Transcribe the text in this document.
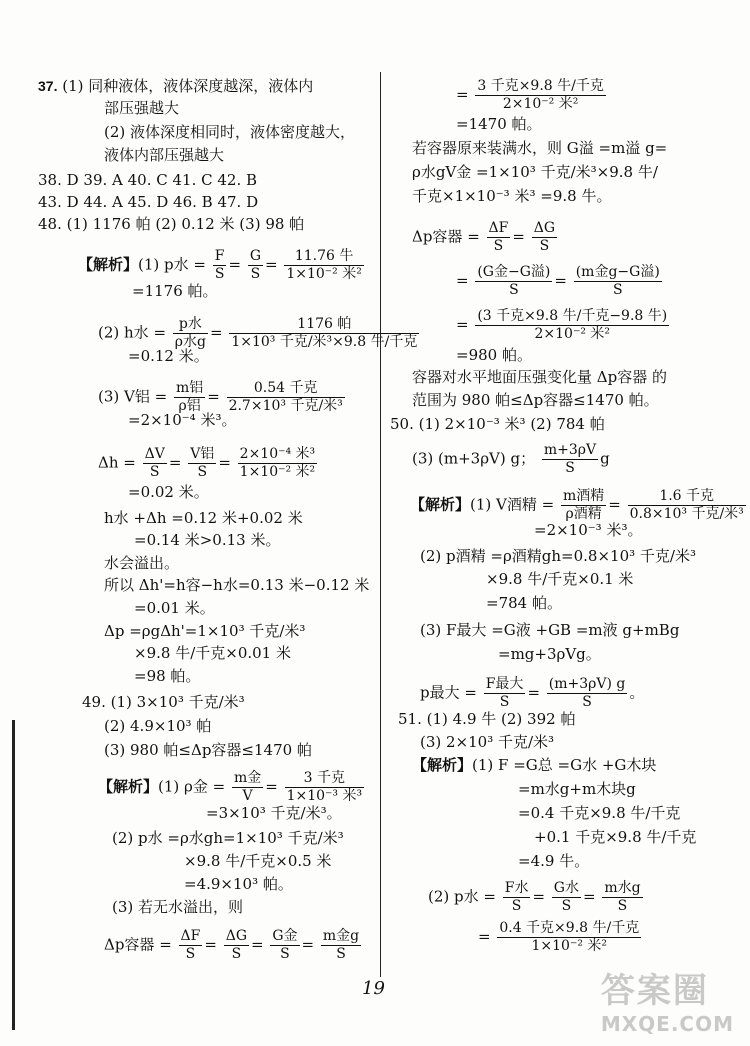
37. (1) 同种液体，液体深度越深，液体内
部压强越大
(2) 液体深度相同时，液体密度越大，
液体内部压强越大
38. D 39. A 40. C 41. C 42. B
43. D 44. A 45. D 46. B 47. D
48. (1) 1176 帕 (2) 0.12 米 (3) 98 帕
【解析】(1) p水 = $\frac{F}{S} = \frac{G}{S} = \frac{\text{11.76 牛}}{\text{1×10⁻² 米²}}$
=1176 帕。
(2) h水 = $\frac{\text{p水}}{\text{ρ水g}} = \frac{\text{1176 帕}}{\text{1×10³ 千克/米³×9.8 牛/千克}}$
=0.12 米。
(3) V铝 = $\frac{\text{m铝}}{\text{ρ铝}} = \frac{\text{0.54 千克}}{\text{2.7×10³ 千克/米³}}$
=2×10⁻⁴ 米³。
$\Delta h = \frac{\Delta V}{S} = \frac{\text{V铝}}{S} = \frac{\text{2×10⁻⁴ 米³}}{\text{1×10⁻² 米²}}$
=0.02 米。
h水 +Δh =0.12 米+0.02 米
=0.14 米>0.13 米。
水会溢出。
所以 Δh'=h容−h水=0.13 米−0.12 米
=0.01 米。
Δp =ρgΔh'=1×10³ 千克/米³
×9.8 牛/千克×0.01 米
=98 帕。
49. (1) 3×10³ 千克/米³
(2) 4.9×10³ 帕
(3) 980 帕≤Δp容器≤1470 帕
【解析】(1) ρ金 = $\frac{\text{m金}}{V} = \frac{\text{3 千克}}{\text{1×10⁻³ 米³}}$
=3×10³ 千克/米³。
(2) p水 =ρ水gh=1×10³ 千克/米³
×9.8 牛/千克×0.5 米
=4.9×10³ 帕。
(3) 若无水溢出，则
Δp容器 = $\frac{\Delta F}{S} = \frac{\Delta G}{S} = \frac{\text{G金}}{S} = \frac{\text{m金g}}{S}$
= $\frac{\text{3 千克×9.8 牛/千克}}{\text{2×10⁻² 米²}}$
=1470 帕。
若容器原来装满水，则 G溢 =m溢 g=
ρ水gV金 =1×10³ 千克/米³×9.8 牛/
千克×1×10⁻³ 米³ =9.8 牛。
Δp容器 = $\frac{\Delta F}{S} = \frac{\Delta G}{S}$
= $\frac{\text{(G金−G溢)}}{S} = \frac{\text{(m金g−G溢)}}{S}$
= $\frac{\text{(3 千克×9.8 牛/千克−9.8 牛)}}{\text{2×10⁻² 米²}}$
=980 帕。
容器对水平地面压强变化量 Δp容器 的
范围为 980 帕≤Δp容器≤1470 帕。
50. (1) 2×10⁻³ 米³ (2) 784 帕
(3) (m+3ρV) g； $\frac{m+3\rho V}{S}$ g
【解析】(1) V酒精 = $\frac{\text{m酒精}}{\text{ρ酒精}} = \frac{\text{1.6 千克}}{\text{0.8×10³ 千克/米³}}$
=2×10⁻³ 米³。
(2) p酒精 =ρ酒精gh=0.8×10³ 千克/米³
×9.8 牛/千克×0.1 米
=784 帕。
(3) F最大 =G液 +GB =m液 g+mBg
=mg+3ρVg。
p最大 = $\frac{\text{F最大}}{S} = \frac{(m+3\rho V) g}{S}$ 。
51. (1) 4.9 牛 (2) 392 帕
(3) 2×10³ 千克/米³
【解析】(1) F =G总 =G水 +G木块
=m水g+m木块g
=0.4 千克×9.8 牛/千克
+0.1 千克×9.8 牛/千克
=4.9 牛。
(2) p水 = $\frac{\text{F水}}{S} = \frac{\text{G水}}{S} = \frac{\text{m水g}}{S}$
= $\frac{\text{0.4 千克×9.8 牛/千克}}{\text{1×10⁻² 米²}}$
19	答案圈
MXQE.COM
